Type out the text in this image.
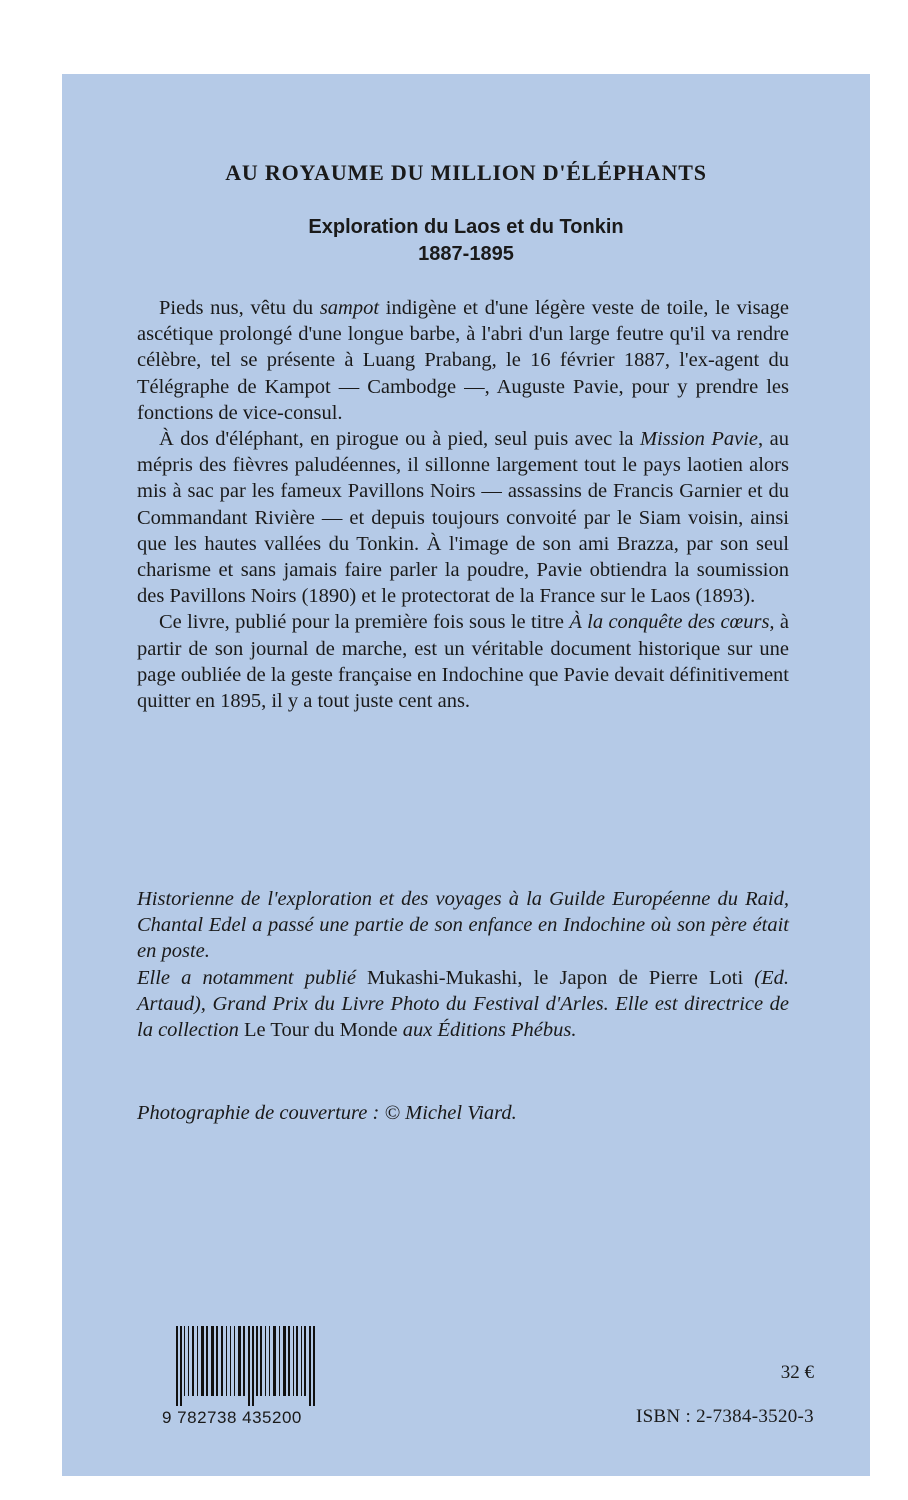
AU ROYAUME DU MILLION D'ÉLÉPHANTS
Exploration du Laos et du Tonkin
1887-1895

Pieds nus, vêtu du sampot indigène et d'une légère veste de toile, le visage ascétique prolongé d'une longue barbe, à l'abri d'un large feutre qu'il va rendre célèbre, tel se présente à Luang Prabang, le 16 février 1887, l'ex-agent du Télégraphe de Kampot — Cambodge —, Auguste Pavie, pour y prendre les fonctions de vice-consul.

À dos d'éléphant, en pirogue ou à pied, seul puis avec la Mission Pavie, au mépris des fièvres paludéennes, il sillonne largement tout le pays laotien alors mis à sac par les fameux Pavillons Noirs — assassins de Francis Garnier et du Commandant Rivière — et depuis toujours convoité par le Siam voisin, ainsi que les hautes vallées du Tonkin. À l'image de son ami Brazza, par son seul charisme et sans jamais faire parler la poudre, Pavie obtiendra la soumission des Pavillons Noirs (1890) et le protectorat de la France sur le Laos (1893).

Ce livre, publié pour la première fois sous le titre À la conquête des cœurs, à partir de son journal de marche, est un véritable document historique sur une page oubliée de la geste française en Indochine que Pavie devait définitivement quitter en 1895, il y a tout juste cent ans.

Historienne de l'exploration et des voyages à la Guilde Européenne du Raid, Chantal Edel a passé une partie de son enfance en Indochine où son père était en poste.

Elle a notamment publié Mukashi-Mukashi, le Japon de Pierre Loti (Ed. Artaud), Grand Prix du Livre Photo du Festival d'Arles. Elle est directrice de la collection Le Tour du Monde aux Éditions Phébus.

Photographie de couverture : © Michel Viard.
9 782738 435200
32 €
ISBN : 2-7384-3520-3
